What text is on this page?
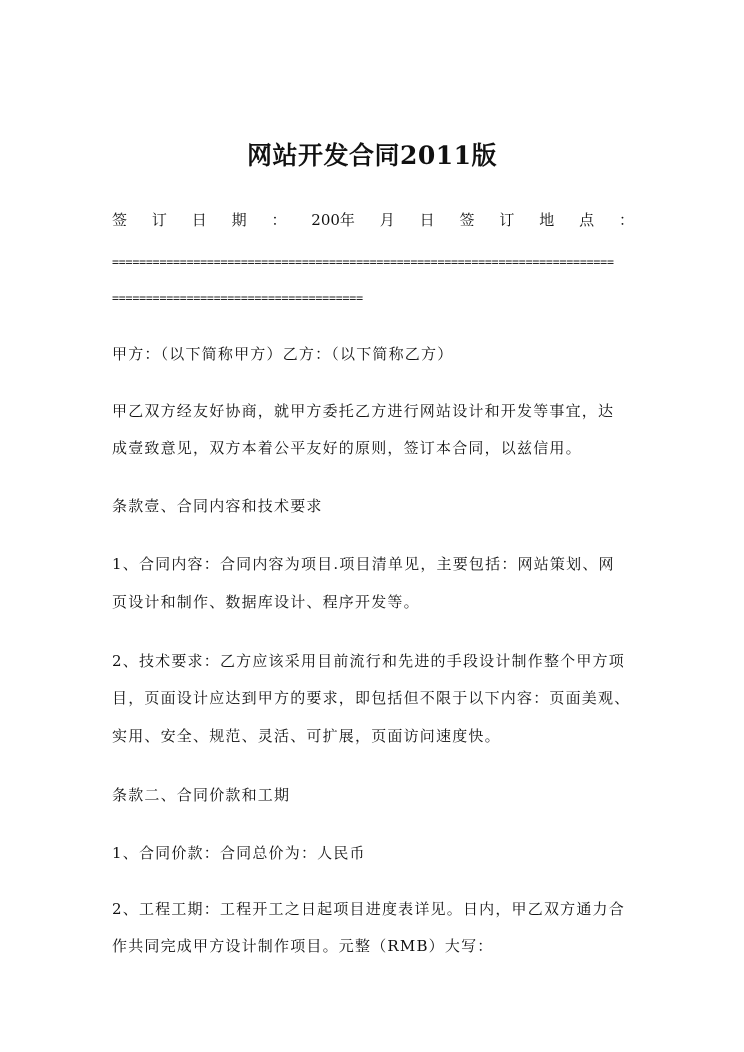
网站开发合同2011版
签 订 日 期 ： 200年 月 日 签 订 地 点 ：
==========================================================================
=====================================
甲方：（以下简称甲方）乙方：（以下简称乙方）
甲乙双方经友好协商，就甲方委托乙方进行网站设计和开发等事宜，达
成壹致意见，双方本着公平友好的原则，签订本合同，以兹信用。
条款壹、合同内容和技术要求
1、合同内容：合同内容为项目.项目清单见，主要包括：网站策划、网
页设计和制作、数据库设计、程序开发等。
2、技术要求：乙方应该采用目前流行和先进的手段设计制作整个甲方项
目，页面设计应达到甲方的要求，即包括但不限于以下内容：页面美观、
实用、安全、规范、灵活、可扩展，页面访问速度快。
条款二、合同价款和工期
1、合同价款：合同总价为：人民币
2、工程工期：工程开工之日起项目进度表详见。日内，甲乙双方通力合
作共同完成甲方设计制作项目。元整（RMB）大写：
